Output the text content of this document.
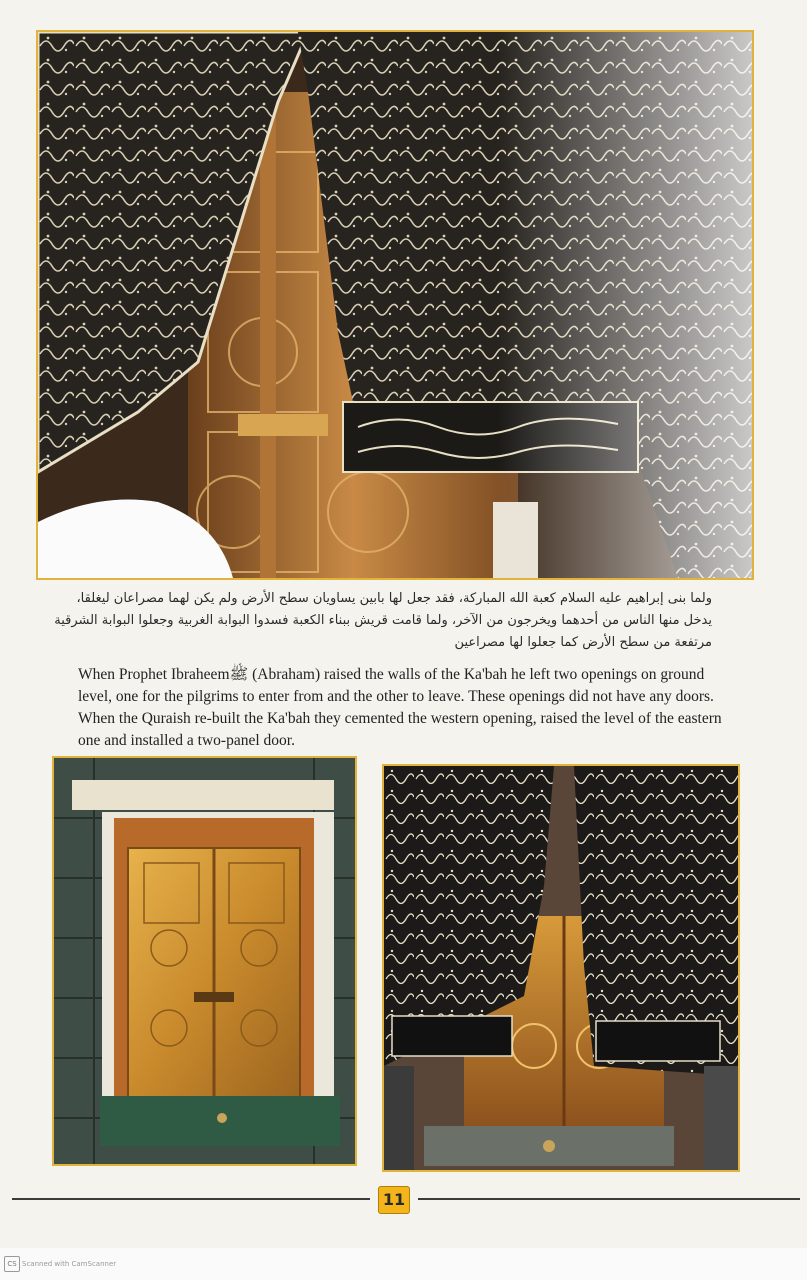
ولما بنى إبراهيم عليه السلام كعبة الله المباركة، فقد جعل لها بابين يساويان سطح الأرض ولم يكن لهما مصراعان ليغلقا،
يدخل منها الناس من أحدهما ويخرجون من الآخر، ولما قامت قريش ببناء الكعبة فسدوا البوابة الغربية وجعلوا البوابة الشرقية
مرتفعة من سطح الأرض كما جعلوا لها مصراعين
When Prophet Ibraheemﷺ (Abraham) raised the walls of the Ka'bah he left two openings on ground
level, one for the pilgrims to enter from and the other to leave. These openings did not have any doors.
When the Quraish re-built the Ka'bah they cemented the western opening, raised the level of the eastern
one and installed a two-panel door.
11
CS Scanned with CamScanner
